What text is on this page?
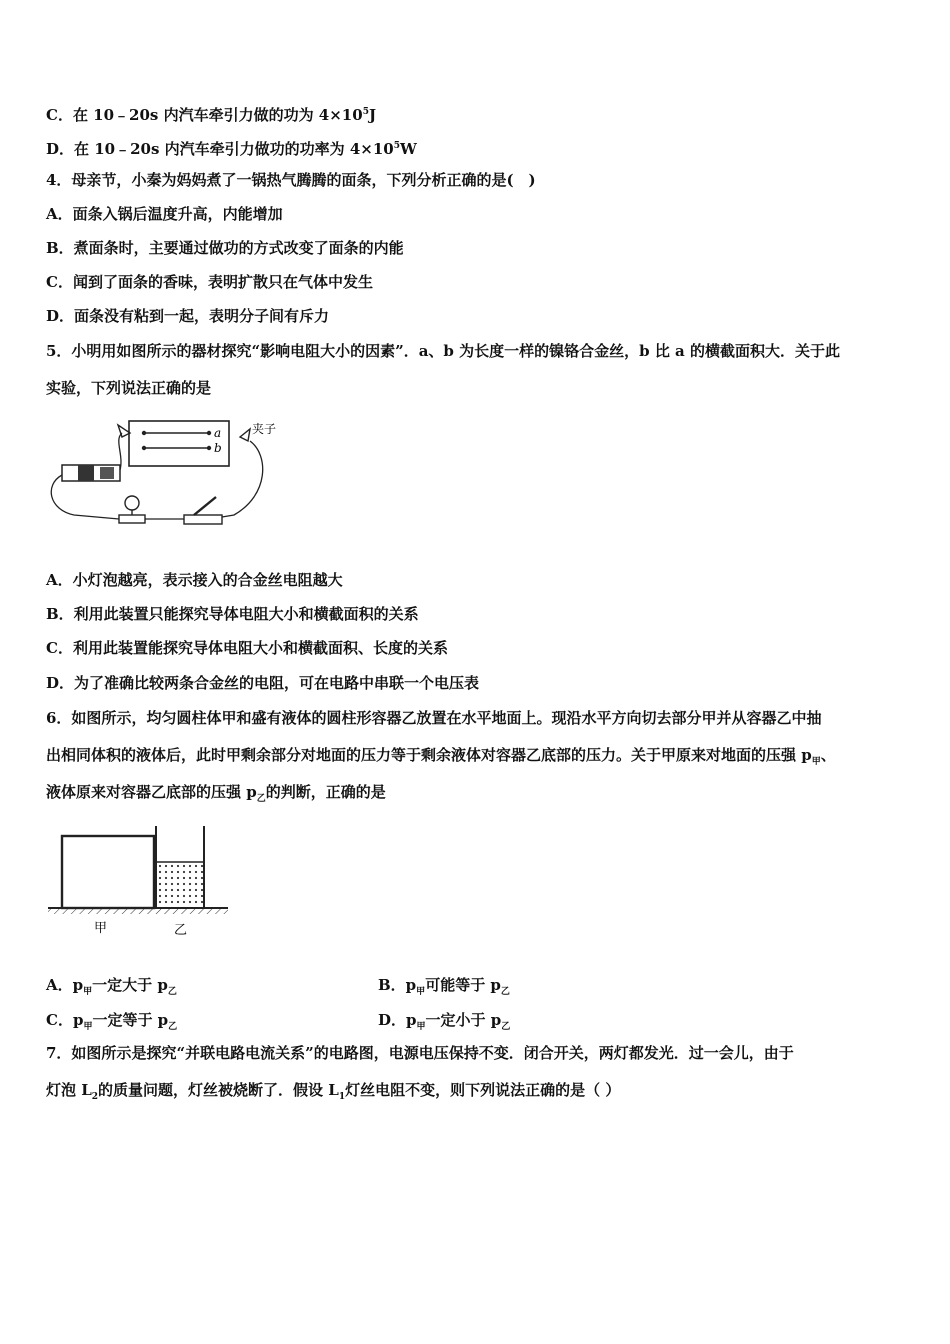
C．在 10﹣20s 内汽车牵引力做的功为 $4\times 10^5J$
D．在 10﹣20s 内汽车牵引力做功的功率为 $4\times 10^5W$
4．母亲节，小秦为妈妈煮了一锅热气腾腾的面条，下列分析正确的是(　)
A．面条入锅后温度升高，内能增加
B．煮面条时，主要通过做功的方式改变了面条的内能
C．闻到了面条的香味，表明扩散只在气体中发生
D．面条没有粘到一起，表明分子间有斥力
5．小明用如图所示的器材探究“影响电阻大小的因素”．a、b 为长度一样的镍铬合金丝，b 比 a 的横截面积大．关于此
实验，下列说法正确的是
a
b
夹子
A．小灯泡越亮，表示接入的合金丝电阻越大
B．利用此装置只能探究导体电阻大小和横截面积的关系
C．利用此装置能探究导体电阻大小和横截面积、长度的关系
D．为了准确比较两条合金丝的电阻，可在电路中串联一个电压表
6．如图所示，均匀圆柱体甲和盛有液体的圆柱形容器乙放置在水平地面上。现沿水平方向切去部分甲并从容器乙中抽
出相同体积的液体后，此时甲剩余部分对地面的压力等于剩余液体对容器乙底部的压力。关于甲原来对地面的压强 $p_甲$、
液体原来对容器乙底部的压强 $p_乙$的判断，正确的是
甲	乙
A．$p_甲$一定大于 $p_乙$	B．$p_甲$可能等于 $p_乙$
C．$p_甲$一定等于 $p_乙$	D．$p_甲$一定小于 $p_乙$
7．如图所示是探究“并联电路电流关系”的电路图，电源电压保持不变．闭合开关，两灯都发光．过一会儿，由于
灯泡 $L_2$的质量问题，灯丝被烧断了．假设 $L_1$灯丝电阻不变，则下列说法正确的是（ ）
